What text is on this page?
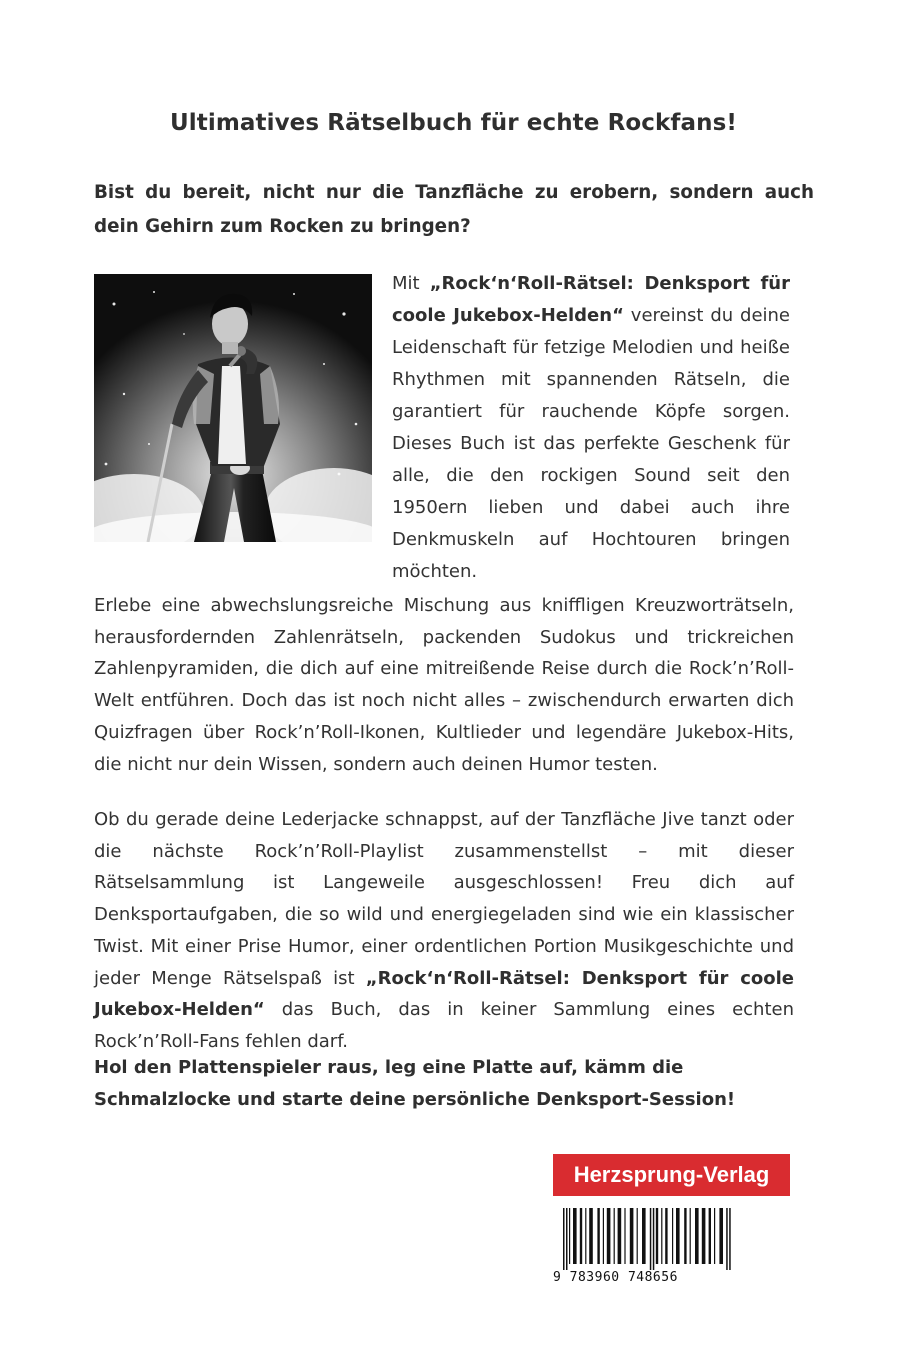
Ultimatives Rätselbuch für echte Rockfans!
Bist du bereit, nicht nur die Tanzfläche zu erobern, sondern auch dein Gehirn zum Rocken zu bringen?
Mit „Rock‘n‘Roll-Rätsel: Denksport für coole Jukebox-Helden“ vereinst du deine Leidenschaft für fetzige Melodien und heiße Rhythmen mit spannenden Rätseln, die garantiert für rauchende Köpfe sorgen. Dieses Buch ist das perfekte Geschenk für alle, die den rockigen Sound seit den 1950ern lieben und dabei auch ihre Denkmuskeln auf Hochtouren bringen möchten.
Erlebe eine abwechslungsreiche Mischung aus kniffligen Kreuzworträtseln, herausfordernden Zahlenrätseln, packenden Sudokus und trickreichen Zahlenpyramiden, die dich auf eine mitreißende Reise durch die Rock’n’Roll-Welt entführen. Doch das ist noch nicht alles – zwischendurch erwarten dich Quizfragen über Rock’n’Roll-Ikonen, Kultlieder und legendäre Jukebox-Hits, die nicht nur dein Wissen, sondern auch deinen Humor testen.
Ob du gerade deine Lederjacke schnappst, auf der Tanzfläche Jive tanzt oder die nächste Rock’n’Roll-Playlist zusammenstellst – mit dieser Rätselsammlung ist Langeweile ausgeschlossen! Freu dich auf Denksportaufgaben, die so wild und energiegeladen sind wie ein klassischer Twist. Mit einer Prise Humor, einer ordentlichen Portion Musikgeschichte und jeder Menge Rätselspaß ist „Rock‘n‘Roll-Rätsel: Denksport für coole Jukebox-Helden“ das Buch, das in keiner Sammlung eines echten Rock’n’Roll-Fans fehlen darf.
Hol den Plattenspieler raus, leg eine Platte auf, kämm die Schmalzlocke und starte deine persönliche Denksport-Session!
Herzsprung-Verlag
9 783960 748656
